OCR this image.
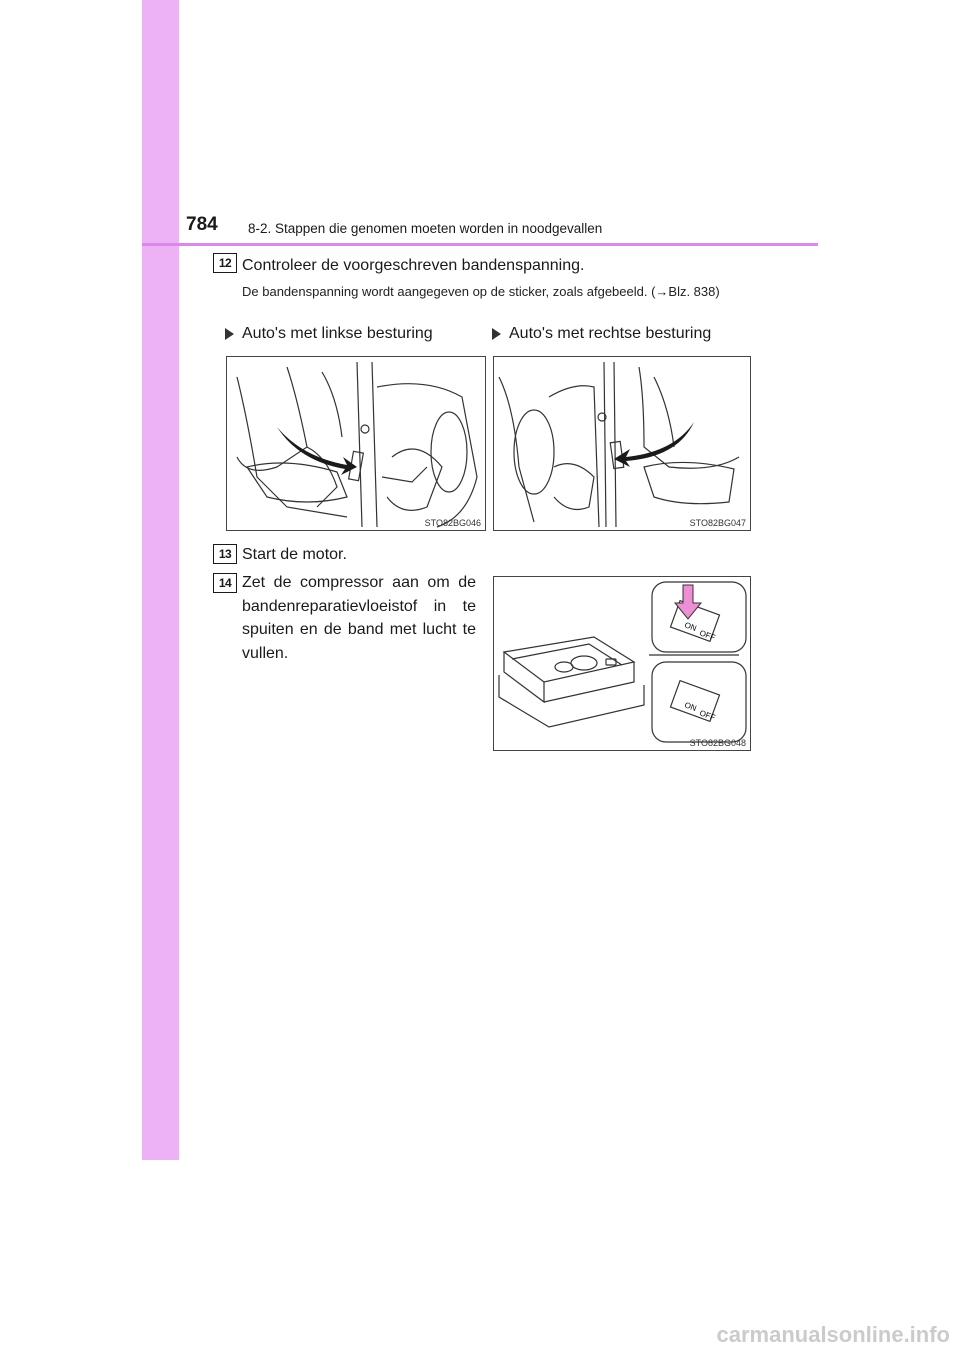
784 8-2. Stappen die genomen moeten worden in noodgevallen
12 Controleer de voorgeschreven bandenspanning.
De bandenspanning wordt aangegeven op de sticker, zoals afgebeeld. (→Blz. 838)
Auto's met linkse besturing	Auto's met rechtse besturing
STO82BG046	STO82BG047
13 Start de motor.
14 Zet de compressor aan om de bandenreparatievloeistof in te spuiten en de band met lucht te vullen.
ON
OFF
ON
OFF
STO82BG048
carmanualsonline.info
